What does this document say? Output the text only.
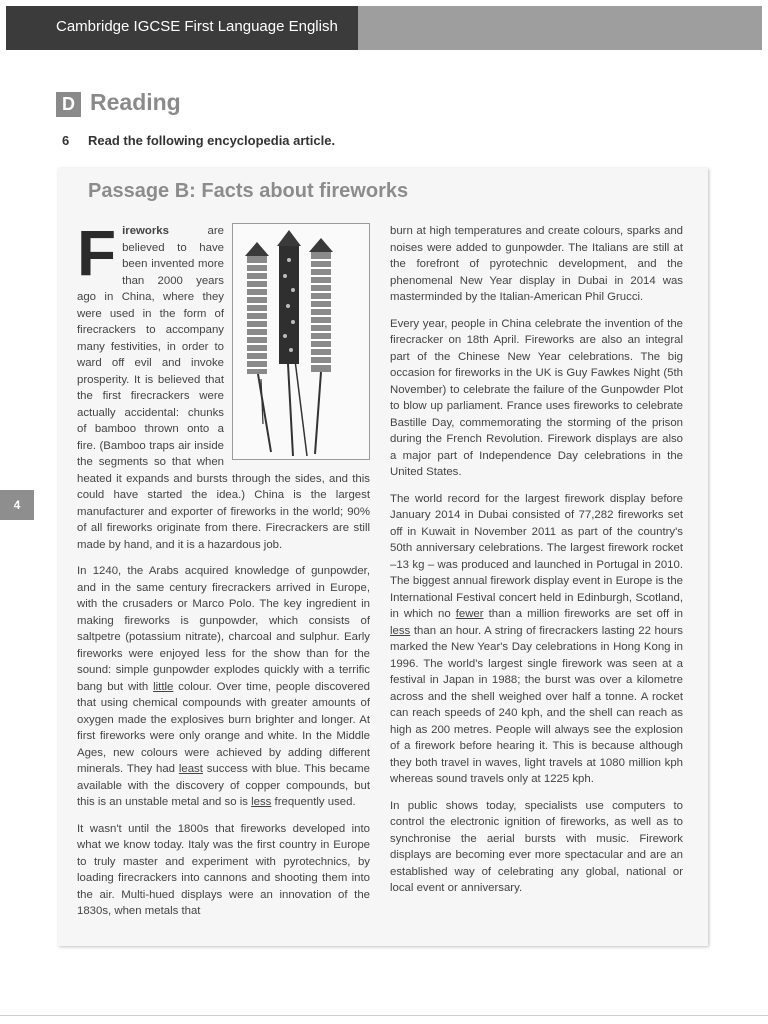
Cambridge IGCSE First Language English
D Reading
6 Read the following encyclopedia article.
4
Passage B: Facts about fireworks

Fireworks are believed to have been invented more than 2000 years ago in China, where they were used in the form of firecrackers to accompany many festivities, in order to ward off evil and invoke prosperity. It is believed that the first firecrackers were actually accidental: chunks of bamboo thrown onto a fire. (Bamboo traps air inside the segments so that when heated it expands and bursts through the sides, and this could have started the idea.) China is the largest manufacturer and exporter of fireworks in the world; 90% of all fireworks originate from there. Firecrackers are still made by hand, and it is a hazardous job.

In 1240, the Arabs acquired knowledge of gunpowder, and in the same century firecrackers arrived in Europe, with the crusaders or Marco Polo. The key ingredient in making fireworks is gunpowder, which consists of saltpetre (potassium nitrate), charcoal and sulphur. Early fireworks were enjoyed less for the show than for the sound: simple gunpowder explodes quickly with a terrific bang but with little colour. Over time, people discovered that using chemical compounds with greater amounts of oxygen made the explosives burn brighter and longer. At first fireworks were only orange and white. In the Middle Ages, new colours were achieved by adding different minerals. They had least success with blue. This became available with the discovery of copper compounds, but this is an unstable metal and so is less frequently used.

It wasn't until the 1800s that fireworks developed into what we know today. Italy was the first country in Europe to truly master and experiment with pyrotechnics, by loading firecrackers into cannons and shooting them into the air. Multi-hued displays were an innovation of the 1830s, when metals that

burn at high temperatures and create colours, sparks and noises were added to gunpowder. The Italians are still at the forefront of pyrotechnic development, and the phenomenal New Year display in Dubai in 2014 was masterminded by the Italian-American Phil Grucci.

Every year, people in China celebrate the invention of the firecracker on 18th April. Fireworks are also an integral part of the Chinese New Year celebrations. The big occasion for fireworks in the UK is Guy Fawkes Night (5th November) to celebrate the failure of the Gunpowder Plot to blow up parliament. France uses fireworks to celebrate Bastille Day, commemorating the storming of the prison during the French Revolution. Firework displays are also a major part of Independence Day celebrations in the United States.

The world record for the largest firework display before January 2014 in Dubai consisted of 77,282 fireworks set off in Kuwait in November 2011 as part of the country's 50th anniversary celebrations. The largest firework rocket –13 kg – was produced and launched in Portugal in 2010. The biggest annual firework display event in Europe is the International Festival concert held in Edinburgh, Scotland, in which no fewer than a million fireworks are set off in less than an hour. A string of firecrackers lasting 22 hours marked the New Year's Day celebrations in Hong Kong in 1996. The world's largest single firework was seen at a festival in Japan in 1988; the burst was over a kilometre across and the shell weighed over half a tonne. A rocket can reach speeds of 240 kph, and the shell can reach as high as 200 metres. People will always see the explosion of a firework before hearing it. This is because although they both travel in waves, light travels at 1080 million kph whereas sound travels only at 1225 kph.

In public shows today, specialists use computers to control the electronic ignition of fireworks, as well as to synchronise the aerial bursts with music. Firework displays are becoming ever more spectacular and are an established way of celebrating any global, national or local event or anniversary.
